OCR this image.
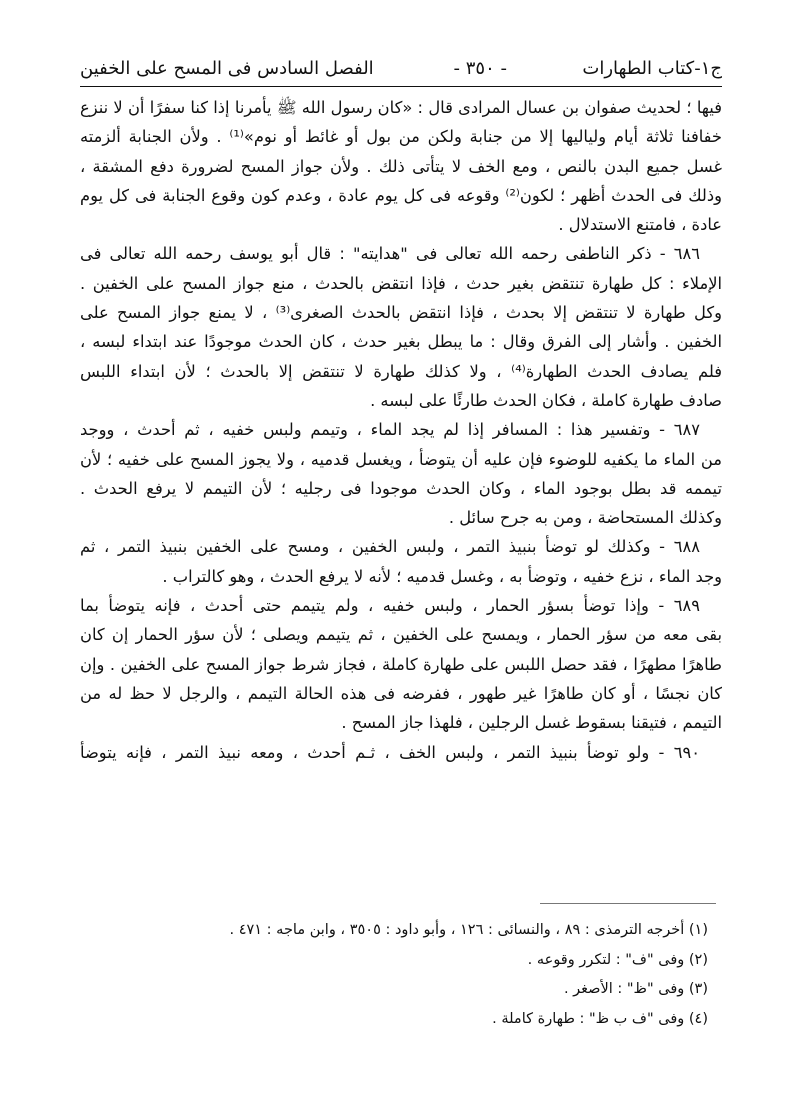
ج١-كتاب الطهارات
- ٣٥٠ -
الفصل السادس فى المسح على الخفين

فيها ؛ لحديث صفوان بن عسال المرادى قال : «كان رسول الله ﷺ يأمرنا إذا كنا سفرًا أن لا ننزع
خفافنا ثلاثة أيام ولياليها إلا من جنابة ولكن من بول أو غائط أو نوم»⁽¹⁾ . ولأن الجنابة ألزمته
غسل جميع البدن بالنص ، ومع الخف لا يتأتى ذلك . ولأن جواز المسح لضرورة دفع المشقة ،
وذلك فى الحدث أظهر ؛ لكون⁽²⁾ وقوعه فى كل يوم عادة ، وعدم كون وقوع الجنابة فى كل يوم
عادة ، فامتنع الاستدلال .

٦٨٦ - ذكر الناطفى رحمه الله تعالى فى "هدايته" : قال أبو يوسف رحمه الله تعالى فى
الإملاء : كل طهارة تنتقض بغير حدث ، فإذا انتقض بالحدث ، منع جواز المسح على الخفين .
وكل طهارة لا تنتقض إلا بحدث ، فإذا انتقض بالحدث الصغرى⁽³⁾ ، لا يمنع جواز المسح على
الخفين . وأشار إلى الفرق وقال : ما يبطل بغير حدث ، كان الحدث موجودًا عند ابتداء لبسه ،
فلم يصادف الحدث الطهارة⁽⁴⁾ ، ولا كذلك طهارة لا تنتقض إلا بالحدث ؛ لأن ابتداء اللبس
صادف طهارة كاملة ، فكان الحدث طارئًا على لبسه .

٦٨٧ - وتفسير هذا : المسافر إذا لم يجد الماء ، وتيمم ولبس خفيه ، ثم أحدث ، ووجد
من الماء ما يكفيه للوضوء فإن عليه أن يتوضأ ، ويغسل قدميه ، ولا يجوز المسح على خفيه ؛ لأن
تيممه قد بطل بوجود الماء ، وكان الحدث موجودا فى رجليه ؛ لأن التيمم لا يرفع الحدث .
وكذلك المستحاضة ، ومن به جرح سائل .

٦٨٨ - وكذلك لو توضأ بنبيذ التمر ، ولبس الخفين ، ومسح على الخفين بنبيذ التمر ، ثم
وجد الماء ، نزع خفيه ، وتوضأ به ، وغسل قدميه ؛ لأنه لا يرفع الحدث ، وهو كالتراب .

٦٨٩ - وإذا توضأ بسؤر الحمار ، ولبس خفيه ، ولم يتيمم حتى أحدث ، فإنه يتوضأ بما
بقى معه من سؤر الحمار ، ويمسح على الخفين ، ثم يتيمم ويصلى ؛ لأن سؤر الحمار إن كان
طاهرًا مطهرًا ، فقد حصل اللبس على طهارة كاملة ، فجاز شرط جواز المسح على الخفين . وإن
كان نجسًا ، أو كان طاهرًا غير طهور ، ففرضه فى هذه الحالة التيمم ، والرجل لا حظ له من
التيمم ، فتيقنا بسقوط غسل الرجلين ، فلهذا جاز المسح .

٦٩٠ - ولو توضأ بنبيذ التمر ، ولبس الخف ، ثـم أحدث ، ومعه نبيذ التمر ، فإنه يتوضأ

(١) أخرجه الترمذى : ٨٩ ، والنسائى : ١٢٦ ، وأبو داود : ٣٥٠٥ ، وابن ماجه : ٤٧١ .
(٢) وفى "ف" : لتكرر وقوعه .
(٣) وفى "ظ" : الأصغر .
(٤) وفى "ف ب ظ" : طهارة كاملة .
